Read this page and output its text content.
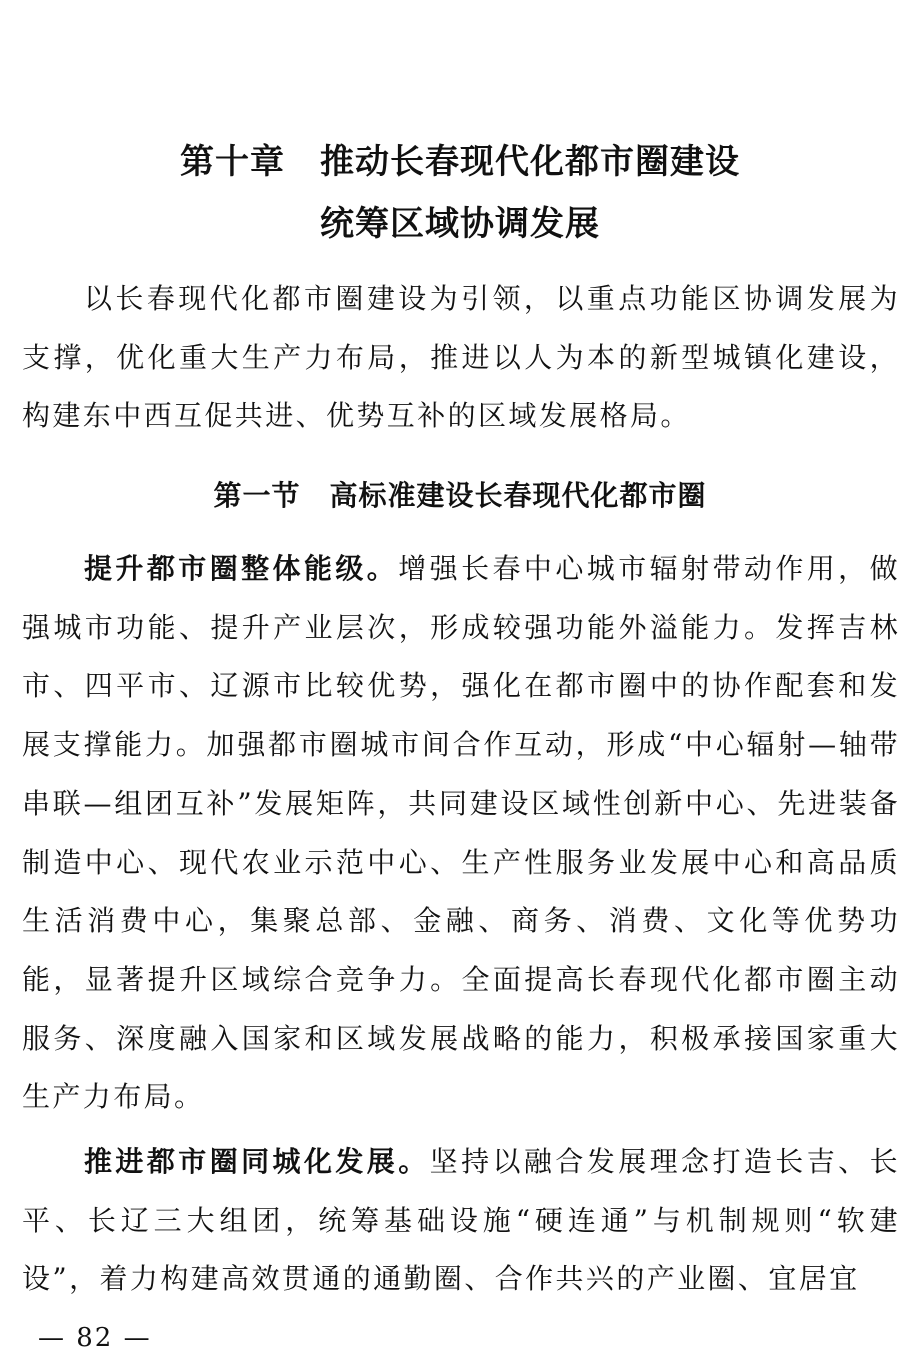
第十章　推动长春现代化都市圈建设
统筹区域协调发展

以长春现代化都市圈建设为引领，以重点功能区协调发展为支撑，优化重大生产力布局，推进以人为本的新型城镇化建设，构建东中西互促共进、优势互补的区域发展格局。

第一节　高标准建设长春现代化都市圈

提升都市圈整体能级。增强长春中心城市辐射带动作用，做强城市功能、提升产业层次，形成较强功能外溢能力。发挥吉林市、四平市、辽源市比较优势，强化在都市圈中的协作配套和发展支撑能力。加强都市圈城市间合作互动，形成“中心辐射—轴带串联—组团互补”发展矩阵，共同建设区域性创新中心、先进装备制造中心、现代农业示范中心、生产性服务业发展中心和高品质生活消费中心，集聚总部、金融、商务、消费、文化等优势功能，显著提升区域综合竞争力。全面提高长春现代化都市圈主动服务、深度融入国家和区域发展战略的能力，积极承接国家重大生产力布局。

推进都市圈同城化发展。坚持以融合发展理念打造长吉、长平、长辽三大组团，统筹基础设施“硬连通”与机制规则“软建设”，着力构建高效贯通的通勤圈、合作共兴的产业圈、宜居宜

— 82 —
